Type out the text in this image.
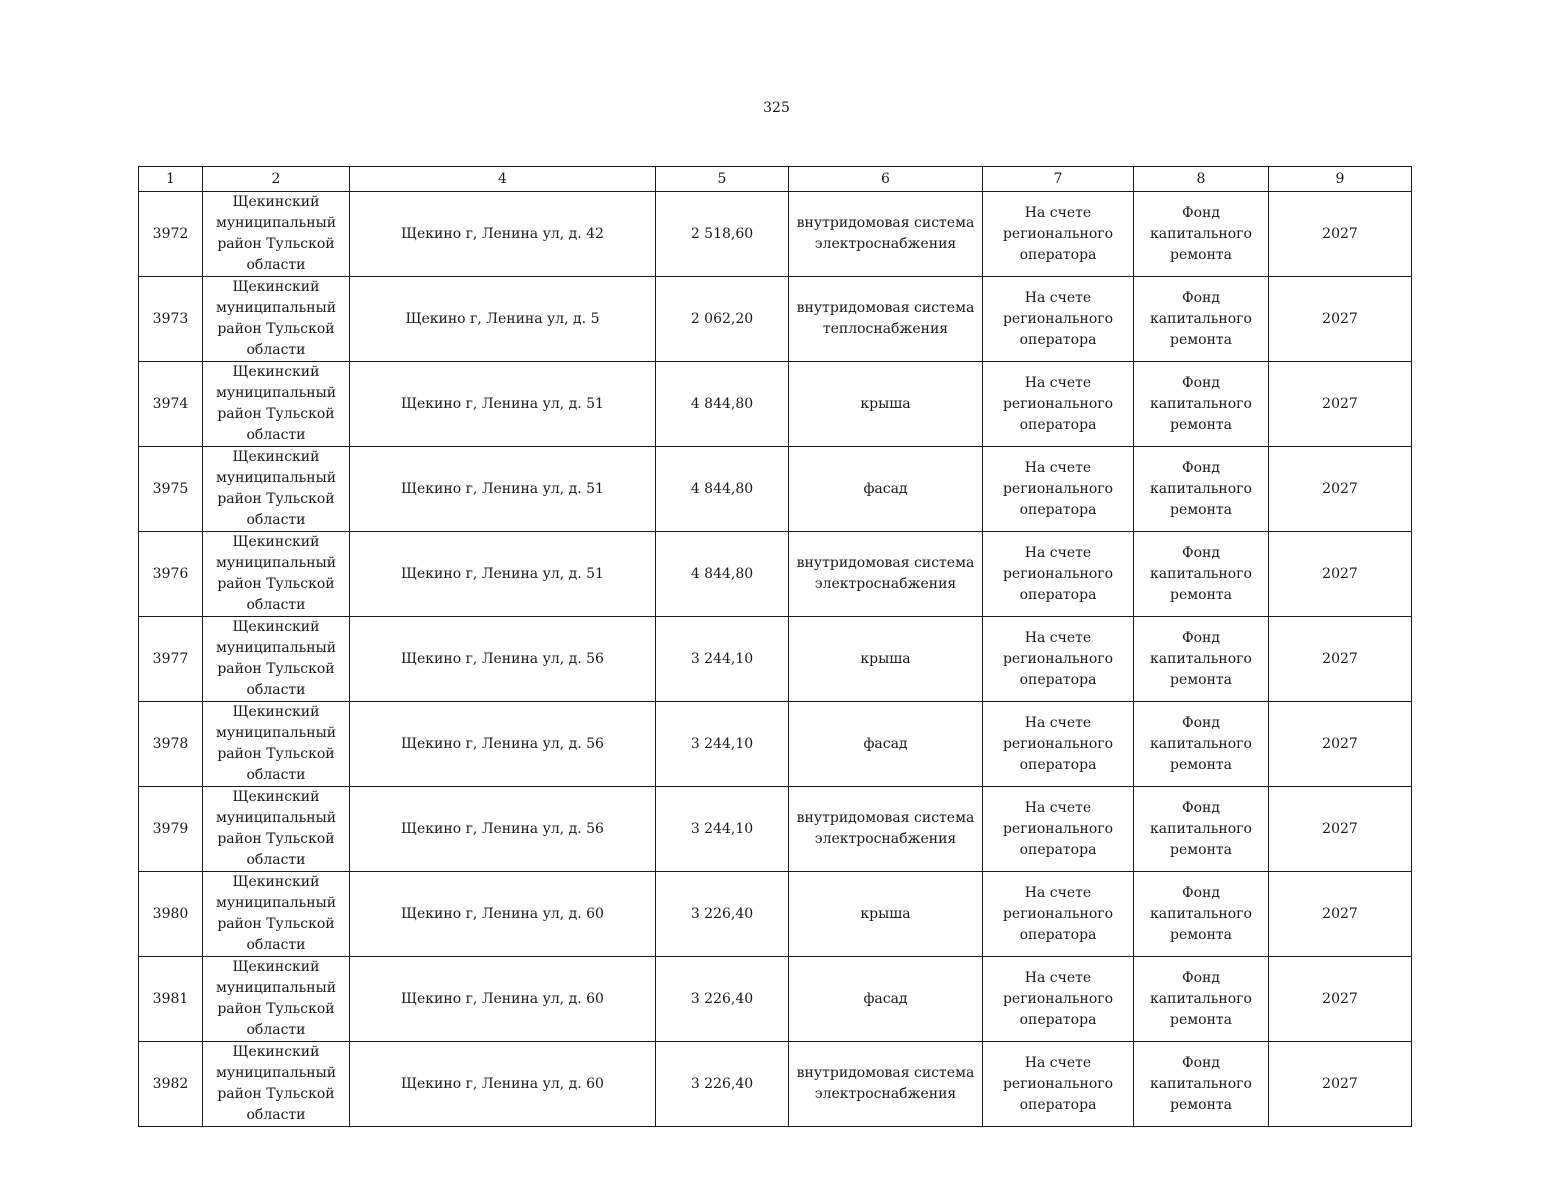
325
1	2	4	5	6	7	8	9
3972	Щекинский муниципальный район Тульской области	Щекино г, Ленина ул, д. 42	2 518,60	внутридомовая система электроснабжения	На счете регионального оператора	Фонд капитального ремонта	2027
3973	Щекинский муниципальный район Тульской области	Щекино г, Ленина ул, д. 5	2 062,20	внутридомовая система теплоснабжения	На счете регионального оператора	Фонд капитального ремонта	2027
3974	Щекинский муниципальный район Тульской области	Щекино г, Ленина ул, д. 51	4 844,80	крыша	На счете регионального оператора	Фонд капитального ремонта	2027
3975	Щекинский муниципальный район Тульской области	Щекино г, Ленина ул, д. 51	4 844,80	фасад	На счете регионального оператора	Фонд капитального ремонта	2027
3976	Щекинский муниципальный район Тульской области	Щекино г, Ленина ул, д. 51	4 844,80	внутридомовая система электроснабжения	На счете регионального оператора	Фонд капитального ремонта	2027
3977	Щекинский муниципальный район Тульской области	Щекино г, Ленина ул, д. 56	3 244,10	крыша	На счете регионального оператора	Фонд капитального ремонта	2027
3978	Щекинский муниципальный район Тульской области	Щекино г, Ленина ул, д. 56	3 244,10	фасад	На счете регионального оператора	Фонд капитального ремонта	2027
3979	Щекинский муниципальный район Тульской области	Щекино г, Ленина ул, д. 56	3 244,10	внутридомовая система электроснабжения	На счете регионального оператора	Фонд капитального ремонта	2027
3980	Щекинский муниципальный район Тульской области	Щекино г, Ленина ул, д. 60	3 226,40	крыша	На счете регионального оператора	Фонд капитального ремонта	2027
3981	Щекинский муниципальный район Тульской области	Щекино г, Ленина ул, д. 60	3 226,40	фасад	На счете регионального оператора	Фонд капитального ремонта	2027
3982	Щекинский муниципальный район Тульской области	Щекино г, Ленина ул, д. 60	3 226,40	внутридомовая система электроснабжения	На счете регионального оператора	Фонд капитального ремонта	2027
